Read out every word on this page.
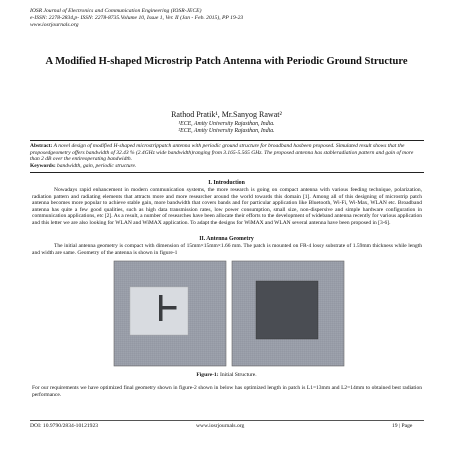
IOSR Journal of Electronics and Communication Engineering (IOSR-JECE)
e-ISSN: 2278-2834,p- ISSN: 2278-8735.Volume 10, Issue 1, Ver. II (Jan - Feb. 2015), PP 19-23
www.iosrjournals.org
A Modified H-shaped Microstrip Patch Antenna with Periodic Ground Structure
Rathod Pratik¹, Mr.Sanyog Rawat²
¹ECE, Amity University Rajasthan, India.
²ECE, Amity University Rajasthan, India.
Abstract: A novel design of modified H-shaped microstrippatch antenna with periodic ground structure for broadband hasbeen proposed. Simulated result shows that the proposedgeometry offers bandwidth of 32.43 % (2.4GHz wide bandwidth)ranging from 3.165-5.565 GHz. The proposed antenna has stableradiation pattern and gain of more than 2 dB over the entireoperating bandwidth.
Keywords: bandwidth, gain, periodic structure.
I. Introduction
Nowadays rapid enhancement in modern communication systems, the more research is going on compact antenna with various feeding technique, polarization, radiation pattern and radiating elements that attracts more and more researcher around the world towards this domain [1]. Among all of this designing of microstrip patch antenna becomes more popular to achieve stable gain, more bandwidth that covers bands and for particular application like Bluetooth, Wi-Fi, Wi-Max, WLAN etc. Broadband antenna has quite a few good qualities, such as high data transmission rates, low power consumption, small size, non-dispersive and simple hardware configuration in communication applications, etc [2]. As a result, a number of researches have been allocate their efforts to the development of wideband antenna recently for various application and this letter we are also looking for WLAN and WiMAX application. To adapt the designs for WiMAX and WLAN several antenna have been proposed in [3-6].
II. Antenna Geometry
The initial antenna geometry is compact with dimension of 15mm×15mm×1.66 mm. The patch is mounted on FR-4 lossy substrate of 1.59mm thickness while length and width are same. Geometry of the antenna is shown in figure-1
Figure-1: Initial Structure.
For our requirements we have optimized final geometry shown in figure-2 shown in below has optimized length in patch is L1=13mm and L2=14mm to obtained best radiation performance.
DOI: 10.9790/2834-10121923	www.iosrjournals.org	19 | Page
